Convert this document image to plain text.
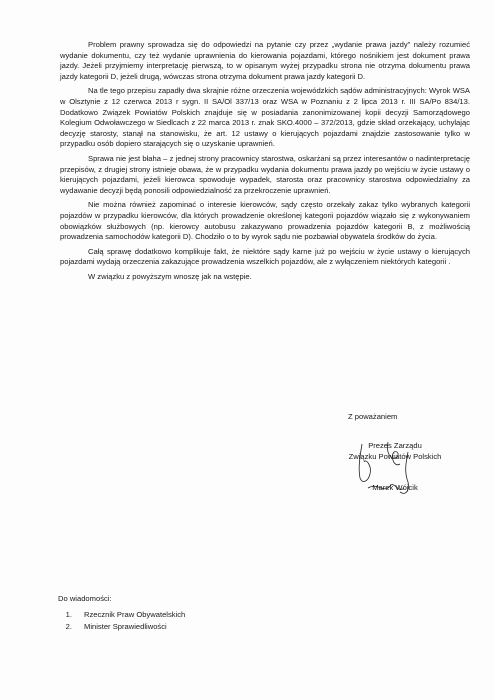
Problem prawny sprowadza się do odpowiedzi na pytanie czy przez „wydanie prawa jazdy” należy rozumieć wydanie dokumentu, czy też wydanie uprawnienia do kierowania pojazdami, którego nośnikiem jest dokument prawa jazdy. Jeżeli przyjmiemy interpretację pierwszą, to w opisanym wyżej przypadku strona nie otrzyma dokumentu prawa jazdy kategorii D, jeżeli drugą, wówczas strona otrzyma dokument prawa jazdy kategorii D.

Na tle tego przepisu zapadły dwa skrajnie różne orzeczenia wojewódzkich sądów administracyjnych: Wyrok WSA w Olsztynie z 12 czerwca 2013 r sygn. II SA/Ol 337/13 oraz WSA w Poznaniu z 2 lipca 2013 r. III SA/Po 834/13. Dodatkowo Związek Powiatów Polskich znajduje się w posiadania zanonimizowanej kopii decyzji Samorządowego Kolegium Odwoławczego w Siedlcach z 22 marca 2013 r. znak SKO.4000 – 372/2013, gdzie skład orzekający, uchylając decyzję starosty, stanął na stanowisku, że art. 12 ustawy o kierujących pojazdami znajdzie zastosowanie tylko w przypadku osób dopiero starających się o uzyskanie uprawnień.

Sprawa nie jest błaha – z jednej strony pracownicy starostwa, oskarżani są przez interesantów o nadinterpretację przepisów, z drugiej strony istnieje obawa, że w przypadku wydania dokumentu prawa jazdy po wejściu w życie ustawy o kierujących pojazdami, jeżeli kierowca spowoduje wypadek, starosta oraz pracownicy starostwa odpowiedzialny za wydawanie decyzji będą ponosili odpowiedzialność za przekroczenie uprawnień.

Nie można również zapominać o interesie kierowców, sądy często orzekały zakaz tylko wybranych kategorii pojazdów w przypadku kierowców, dla których prowadzenie określonej kategorii pojazdów wiązało się z wykonywaniem obowiązków służbowych (np. kierowcy autobusu zakazywano prowadzenia pojazdów kategorii B, z możliwością prowadzenia samochodów kategorii D). Chodziło o to by wyrok sądu nie pozbawiał obywatela środków do życia.

Całą sprawę dodatkowo komplikuje fakt, że niektóre sądy karne już po wejściu w życie ustawy o kierujących pojazdami wydają orzeczenia zakazujące prowadzenia wszelkich pojazdów, ale z wyłączeniem niektórych kategorii .

W związku z powyższym wnoszę jak na wstępie.

Z poważaniem
Prezes Zarządu
Związku Powiatów Polskich
Marek Wójcik
Do wiadomości:
1. Rzecznik Praw Obywatelskich
2. Minister Sprawiedliwości
